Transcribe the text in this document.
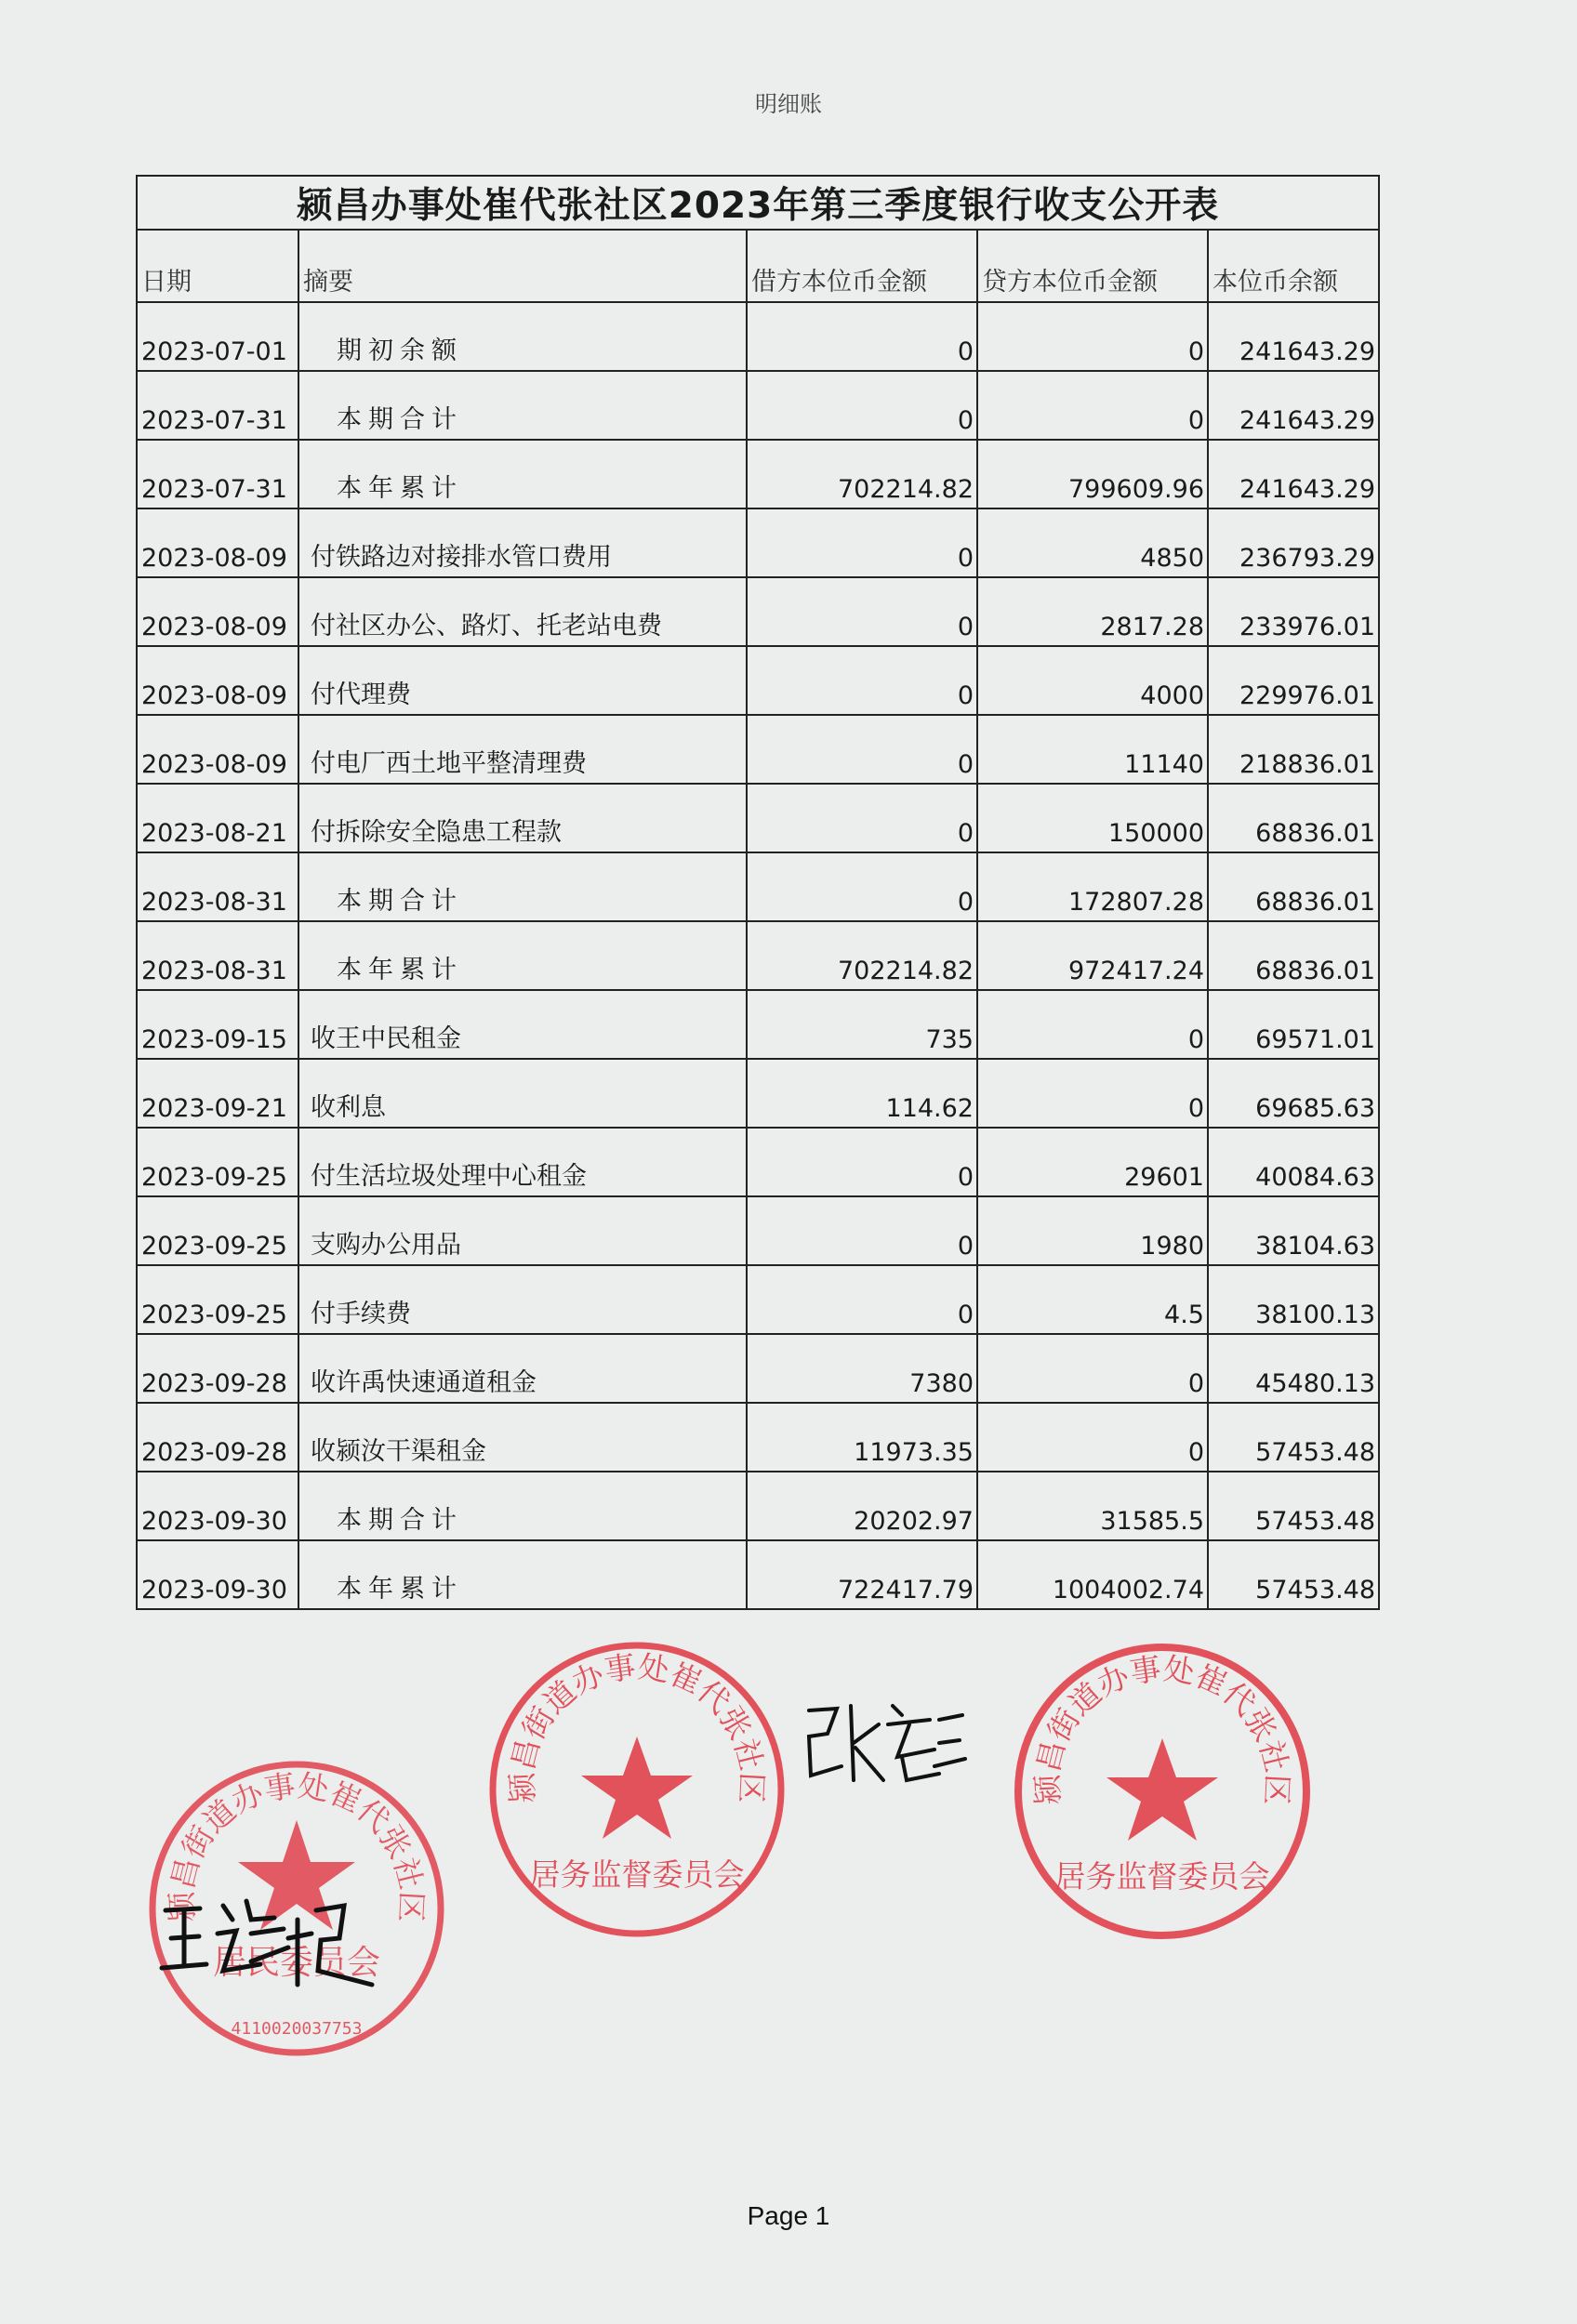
明细账
颍昌办事处崔代张社区2023年第三季度银行收支公开表				
日期	摘要	借方本位币金额	贷方本位币金额	本位币余额
2023-07-01	期初余额	0	0	241643.29
2023-07-31	本期合计	0	0	241643.29
2023-07-31	本年累计	702214.82	799609.96	241643.29
2023-08-09	付铁路边对接排水管口费用	0	4850	236793.29
2023-08-09	付社区办公、路灯、托老站电费	0	2817.28	233976.01
2023-08-09	付代理费	0	4000	229976.01
2023-08-09	付电厂西土地平整清理费	0	11140	218836.01
2023-08-21	付拆除安全隐患工程款	0	150000	68836.01
2023-08-31	本期合计	0	172807.28	68836.01
2023-08-31	本年累计	702214.82	972417.24	68836.01
2023-09-15	收王中民租金	735	0	69571.01
2023-09-21	收利息	114.62	0	69685.63
2023-09-25	付生活垃圾处理中心租金	0	29601	40084.63
2023-09-25	支购办公用品	0	1980	38104.63
2023-09-25	付手续费	0	4.5	38100.13
2023-09-28	收许禹快速通道租金	7380	0	45480.13
2023-09-28	收颍汝干渠租金	11973.35	0	57453.48
2023-09-30	本期合计	20202.97	31585.5	57453.48
2023-09-30	本年累计	722417.79	1004002.74	57453.48
颍昌街道办事处崔代张社区
居民委员会
4110020037753
颍昌街道办事处崔代张社区
居务监督委员会
颍昌街道办事处崔代张社区
居务监督委员会
Page 1
